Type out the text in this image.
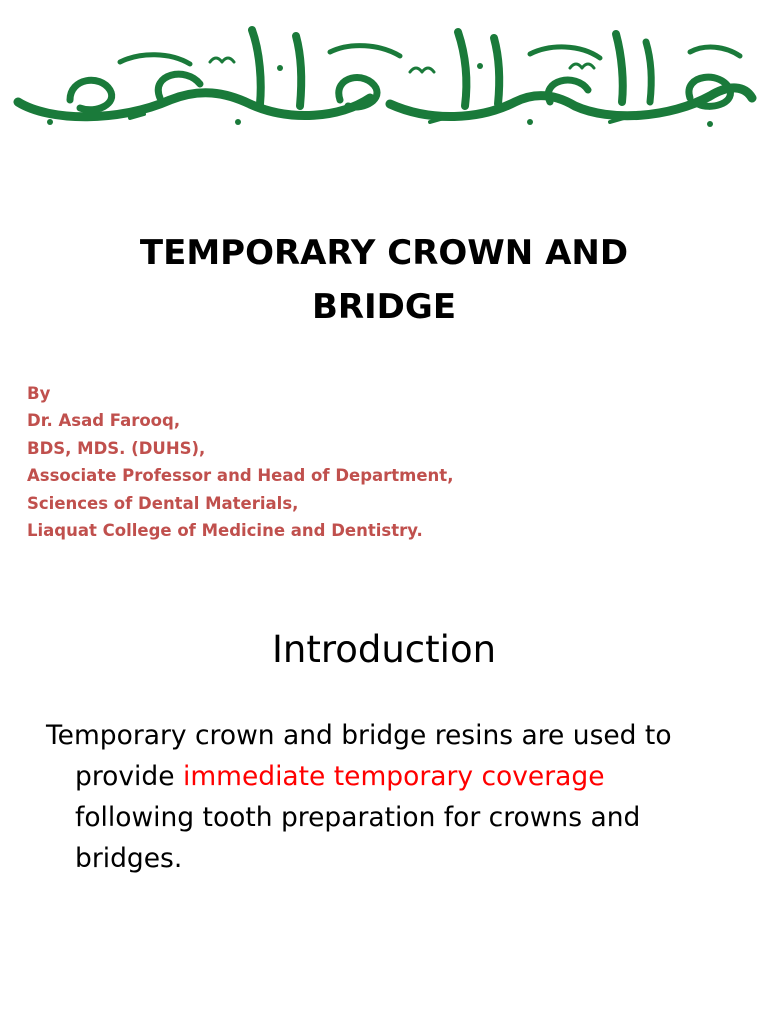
TEMPORARY CROWN AND
BRIDGE
By
Dr. Asad Farooq,
BDS, MDS. (DUHS),
Associate Professor and Head of Department,
Sciences of Dental Materials,
Liaquat College of Medicine and Dentistry.
Introduction
Temporary crown and bridge resins are used to
provide immediate temporary coverage
following tooth preparation for crowns and
bridges.
